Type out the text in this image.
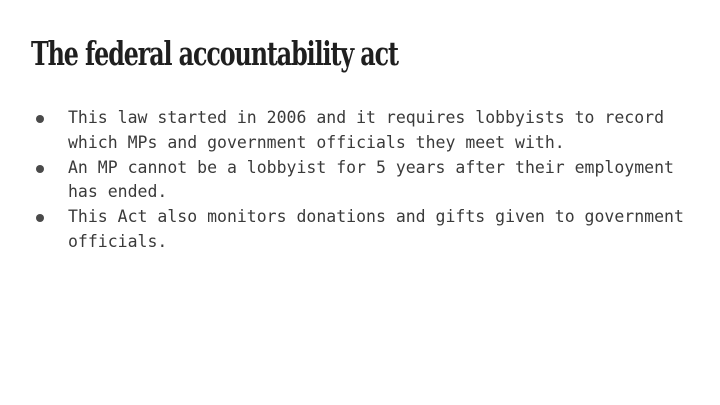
The federal accountability act
This law started in 2006 and it requires lobbyists to record which MPs and government officials they meet with.
An MP cannot be a lobbyist for 5 years after their employment has ended.
This Act also monitors donations and gifts given to government officials.
